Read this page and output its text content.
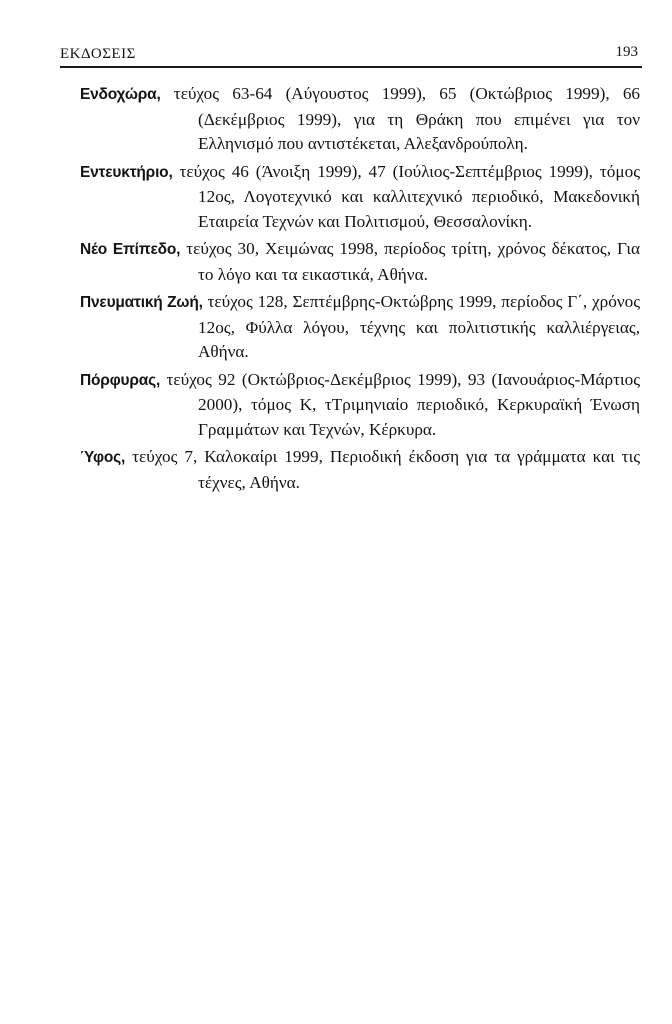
ΕΚΔΟΣΕΙΣ	193

Ενδοχώρα, τεύχος 63-64 (Αύγουστος 1999), 65 (Οκτώβριος 1999), 66 (Δεκέμβριος 1999), για τη Θράκη που επιμένει για τον Ελληνισμό που αντιστέκεται, Αλεξανδρούπολη.

Εντευκτήριο, τεύχος 46 (Άνοιξη 1999), 47 (Ιούλιος-Σεπτέμβριος 1999), τόμος 12ος, Λογοτεχνικό και καλλιτεχνικό περιοδικό, Μακεδονική Εταιρεία Τεχνών και Πολιτισμού, Θεσσαλονίκη.

Νέο Επίπεδο, τεύχος 30, Χειμώνας 1998, περίοδος τρίτη, χρόνος δέκατος, Για το λόγο και τα εικαστικά, Αθήνα.

Πνευματική Ζωή, τεύχος 128, Σεπτέμβρης-Οκτώβρης 1999, περίοδος Γ΄, χρόνος 12ος, Φύλλα λόγου, τέχνης και πολιτιστικής καλλιέργειας, Αθήνα.

Πόρφυρας, τεύχος 92 (Οκτώβριος-Δεκέμβριος 1999), 93 (Ιανουάριος-Μάρτιος 2000), τόμος Κ, τΤριμηνιαίο περιοδικό, Κερκυραϊκή Ένωση Γραμμάτων και Τεχνών, Κέρκυρα.

Ύφος, τεύχος 7, Καλοκαίρι 1999, Περιοδική έκδοση για τα γράμματα και τις τέχνες, Αθήνα.
